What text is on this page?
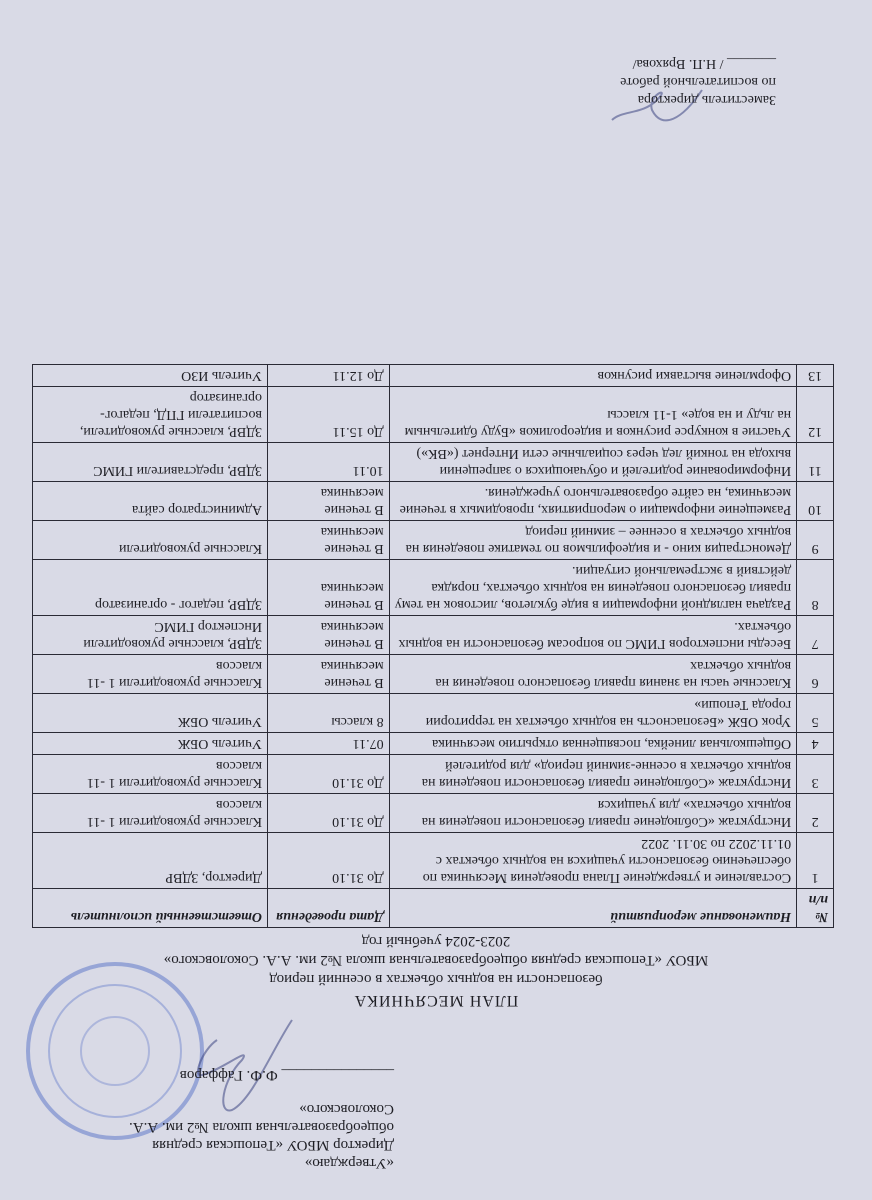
«Утверждаю»
Директор МБОУ «Тепошская средняя
общеобразовательная школа №2 им. А.А.
Соколовского»
_______________ Ф.Ф. Гаффаров
ПЛАН МЕСЯЧНИКА
безопасности на водных объектах в осенний период
МБОУ «Тепошская средняя общеобразовательная школа №2 им. А.А. Соколовского»
2023-2024 учебный год
№ п/п	Наименование мероприятий	Дата проведения	Ответственный исполнитель
1	Составление и утверждение Плана проведения Месячника по обеспечению безопасности учащихся на водных объектах с 01.11.2022 по 30.11. 2022	До 31.10	Директор, ЗДВР
2	Инструктаж «Соблюдение правил безопасности поведения на водных объектах» для учащихся	До 31.10	Классные руководители 1 -11 классов
3	Инструктаж «Соблюдение правил безопасности поведения на водных объектах в осенне-зимний период» для родителей	До 31.10	Классные руководители 1 -11 классов
4	Общешкольная линейка, посвященная открытию месячника	07.11	Учитель ОБЖ
5	Урок ОБЖ «Безопасность на водных объектах на территории города Тепоши»	8 классы	Учитель ОБЖ
6	Классные часы на знания правил безопасного поведения на водных объектах	В течение месячника	Классные руководители 1 -11 классов
7	Беседы инспекторов ГИМС по вопросам безопасности на водных объектах.	В течение месячника	ЗДВР, классные руководители Инспектор ГИМС
8	Раздача наглядной информации в виде буклетов, листовок на тему правил безопасного поведения на водных объектах, порядка действий в экстремальной ситуации.	В течение месячника	ЗДВР, педагог - организатор
9	Демонстрация кино - и видеофильмов по тематике поведения на водных объектах в осеннее – зимний период	В течение месячника	Классные руководители
10	Размещение информации о мероприятиях, проводимых в течение месячника, на сайте образовательного учреждения.	В течение месячника	Администратор сайта
11	Информирование родителей и обучающихся о запрещении выхода на тонкий лед через социальные сети Интернет («ВК»)	10.11	ЗДВР, представители ГИМС
12	Участие в конкурсе рисунков и видеороликов «Буду бдительным на льду и на воде» 1-11 классы	До 15.11	ЗДВР, классные руководители, воспитатели ГПД, педагог-организатор
13	Оформление выставки рисунков	До 12.11	Учитель ИЗО
Заместитель директора
по воспитательной работе
_______ / Н.П. Вряхова/
